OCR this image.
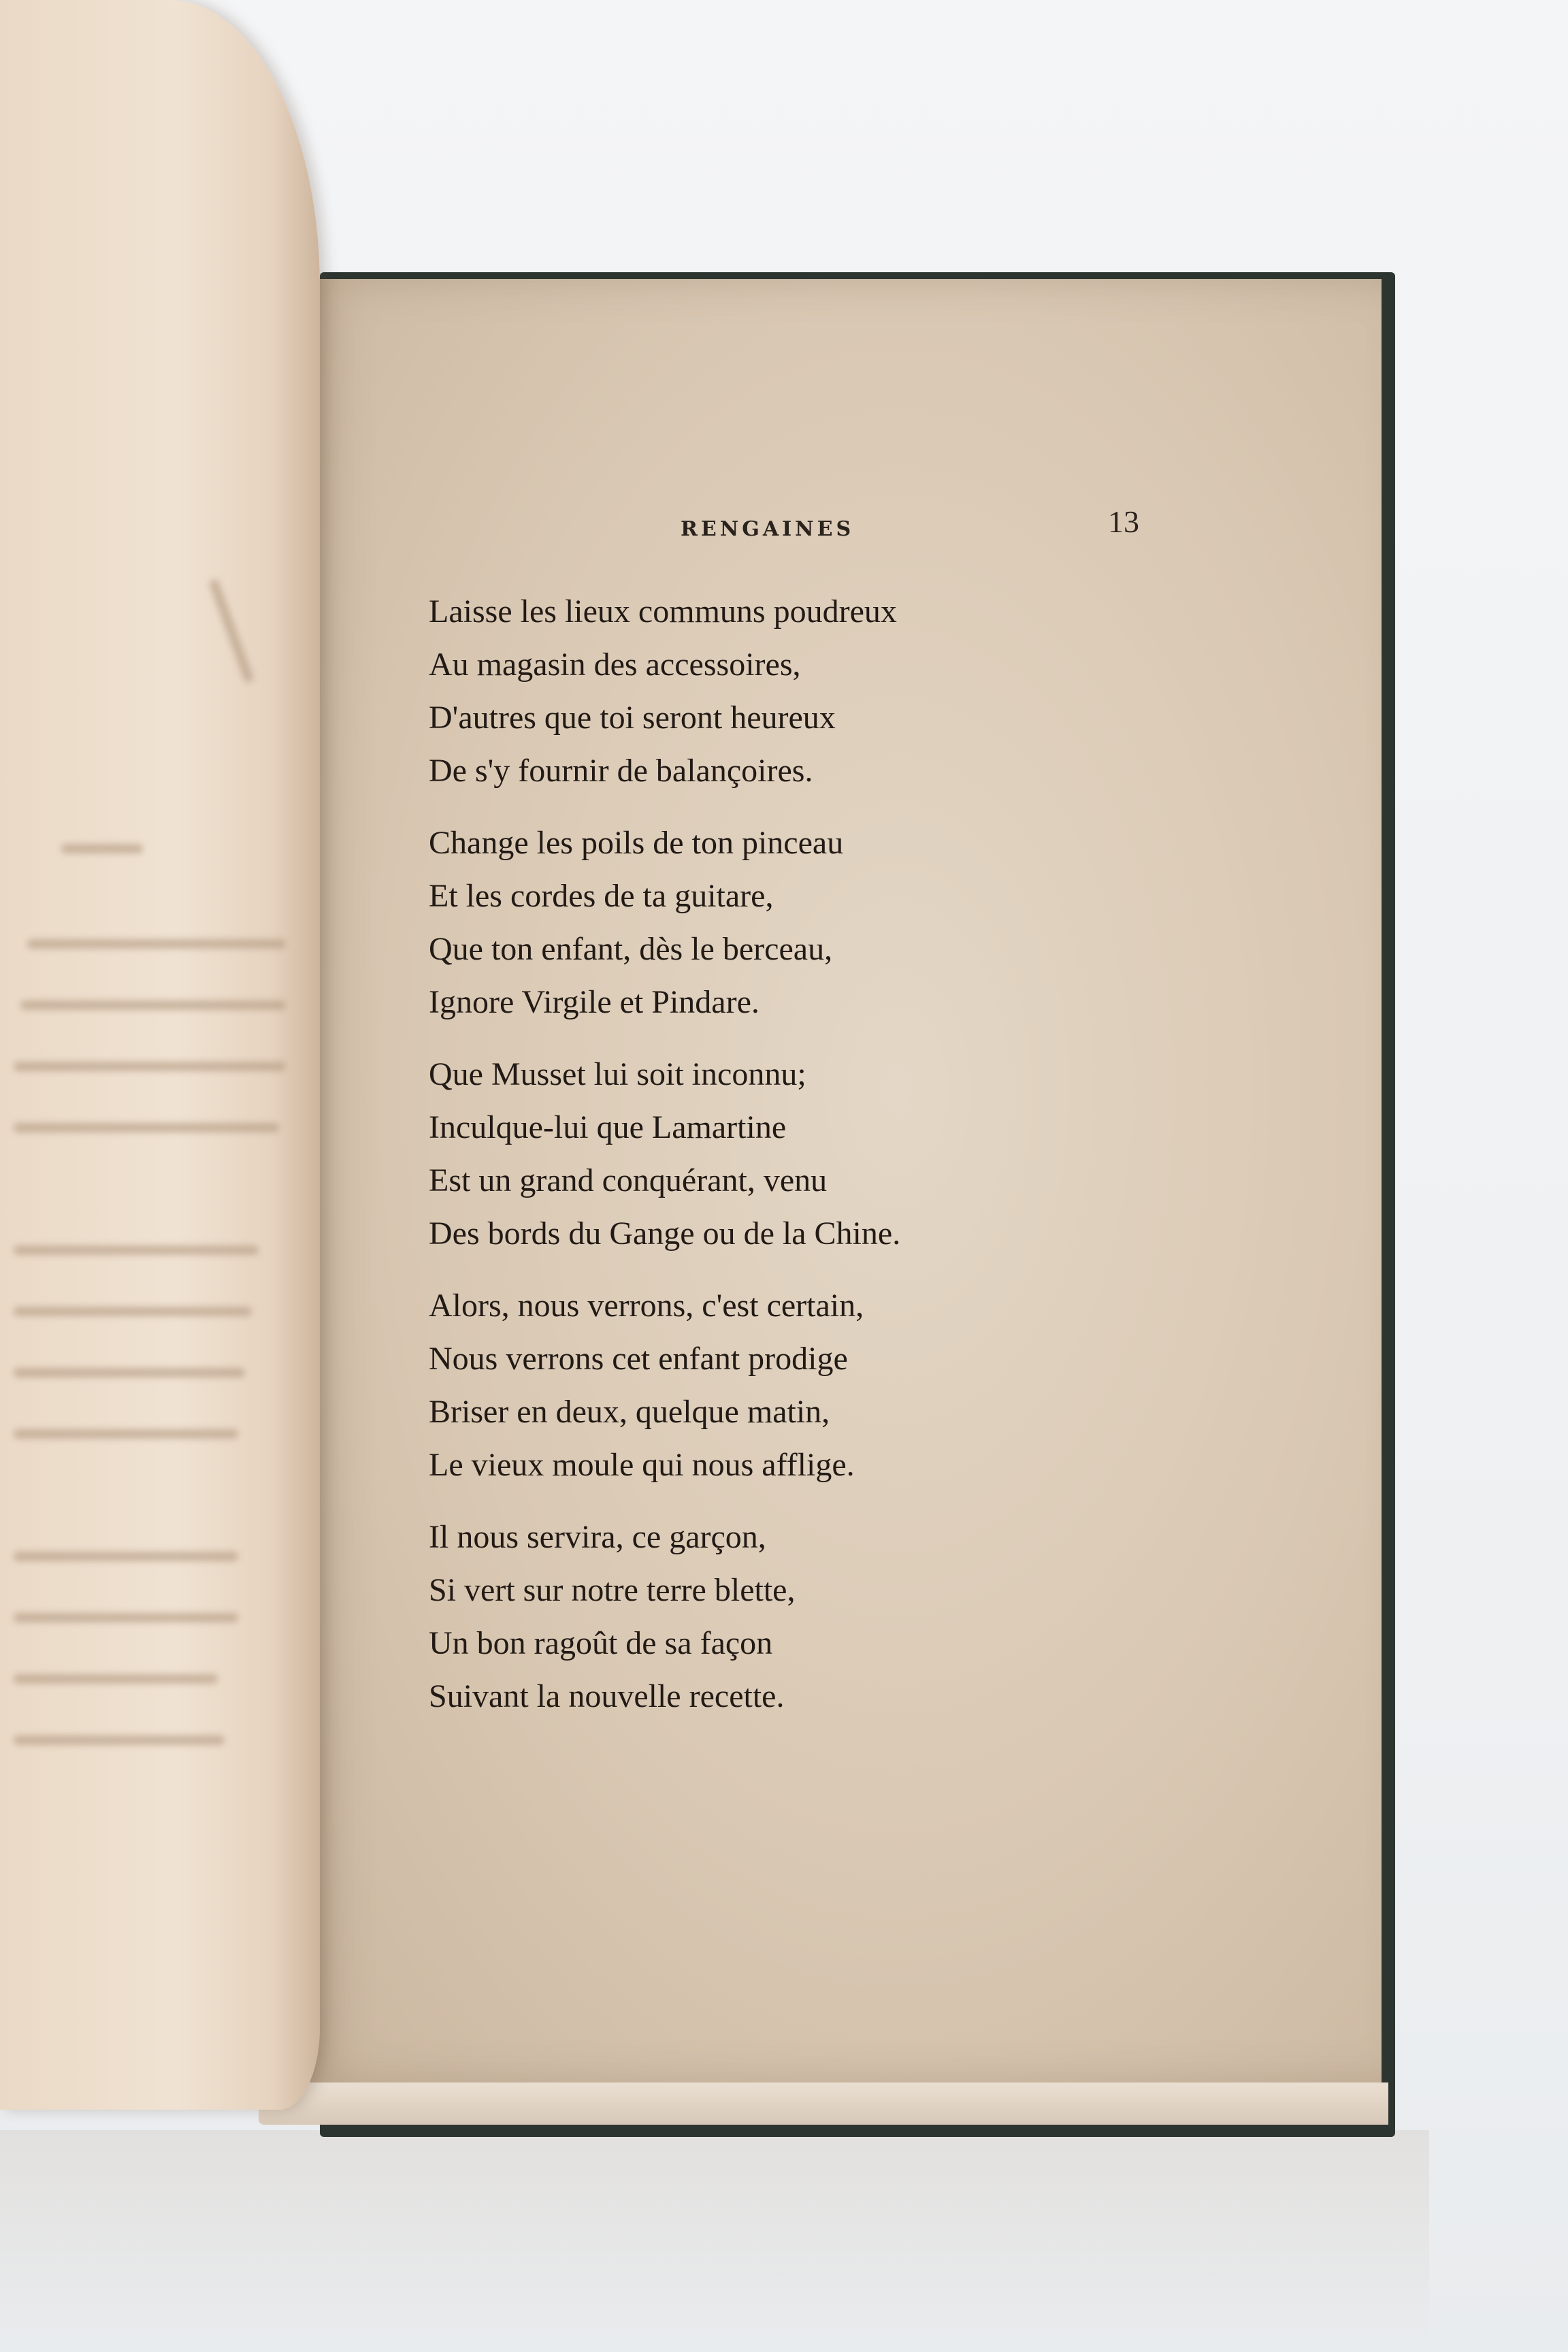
RENGAINES	13
Laisse les lieux communs poudreux
Au magasin des accessoires,
D'autres que toi seront heureux
De s'y fournir de balançoires.
Change les poils de ton pinceau
Et les cordes de ta guitare,
Que ton enfant, dès le berceau,
Ignore Virgile et Pindare.
Que Musset lui soit inconnu;
Inculque-lui que Lamartine
Est un grand conquérant, venu
Des bords du Gange ou de la Chine.
Alors, nous verrons, c'est certain,
Nous verrons cet enfant prodige
Briser en deux, quelque matin,
Le vieux moule qui nous afflige.
Il nous servira, ce garçon,
Si vert sur notre terre blette,
Un bon ragoût de sa façon
Suivant la nouvelle recette.
